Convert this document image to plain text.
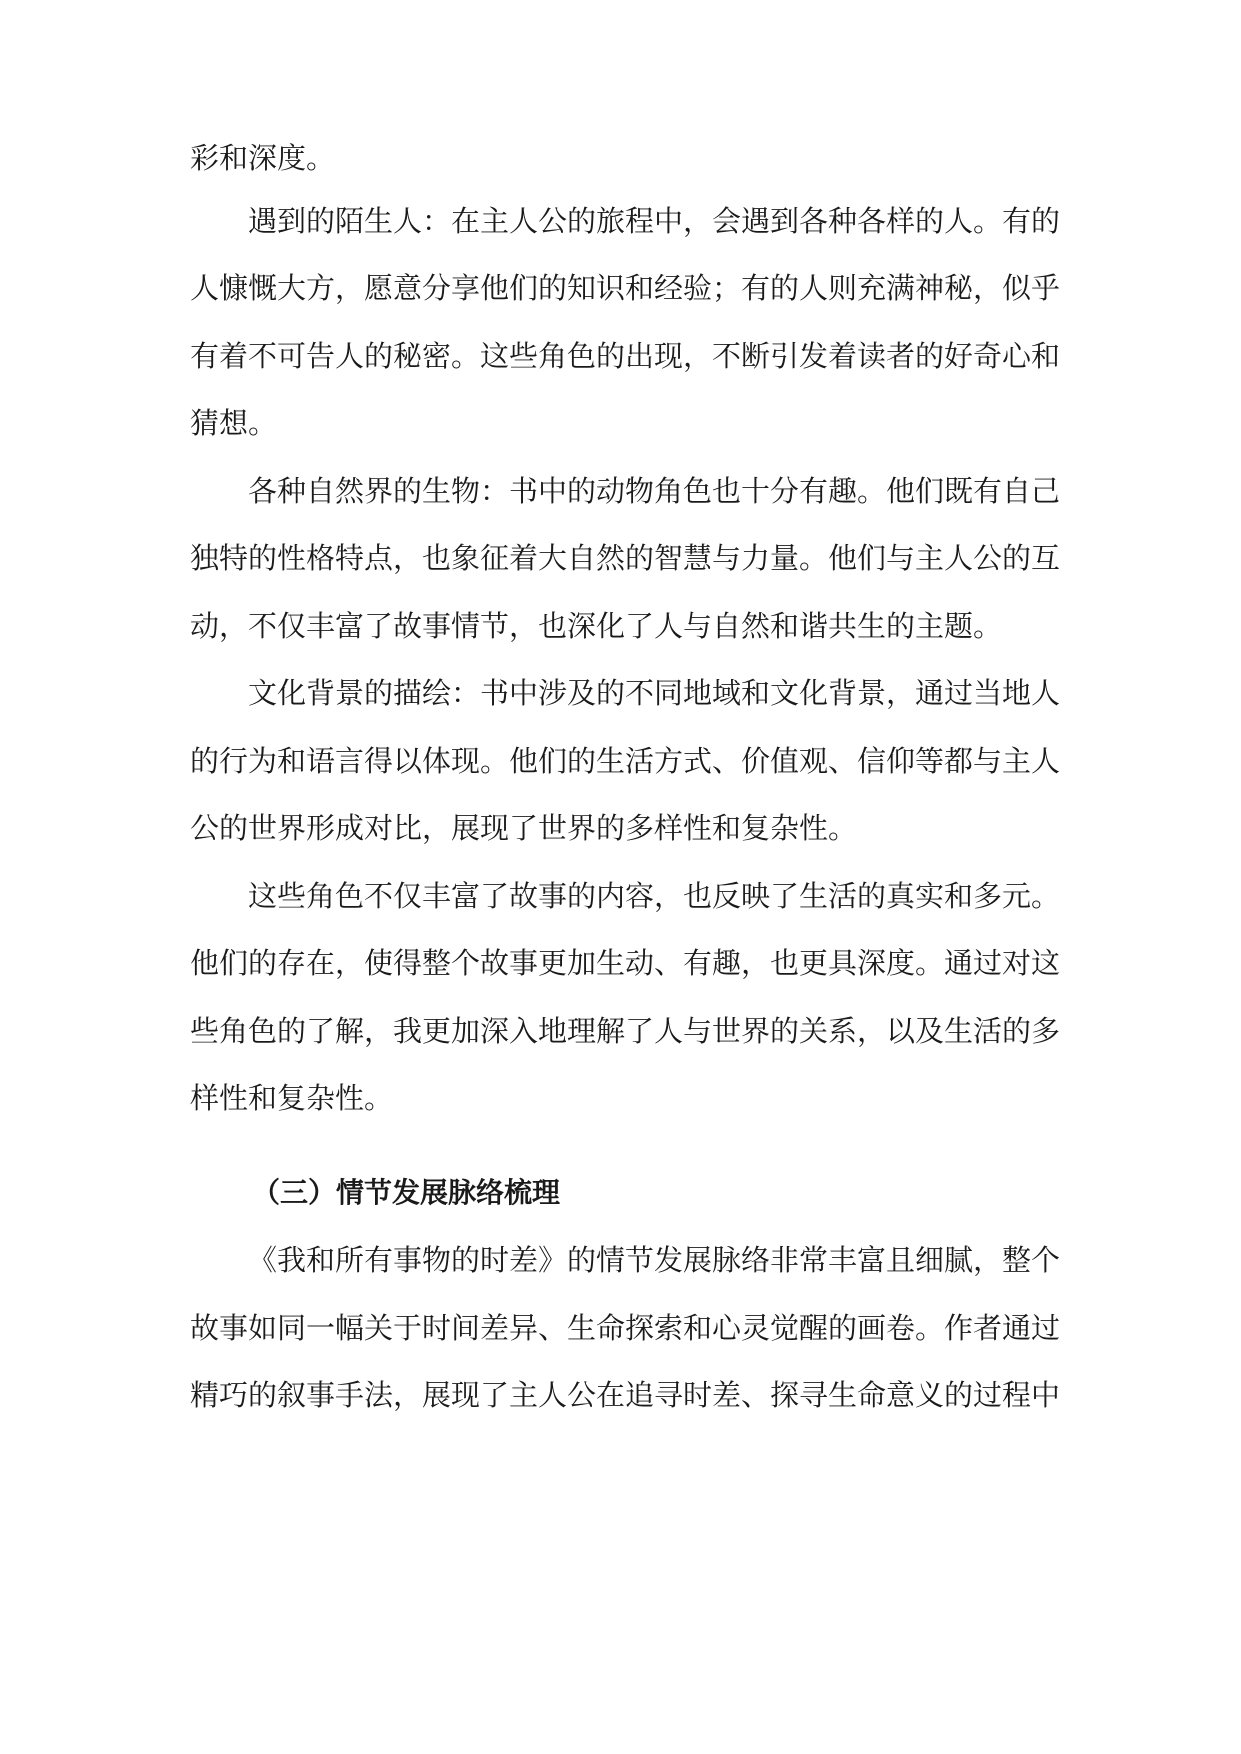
彩和深度。
遇到的陌生人：在主人公的旅程中，会遇到各种各样的人。有的
人慷慨大方，愿意分享他们的知识和经验；有的人则充满神秘，似乎
有着不可告人的秘密。这些角色的出现，不断引发着读者的好奇心和
猜想。
各种自然界的生物：书中的动物角色也十分有趣。他们既有自己
独特的性格特点，也象征着大自然的智慧与力量。他们与主人公的互
动，不仅丰富了故事情节，也深化了人与自然和谐共生的主题。
文化背景的描绘：书中涉及的不同地域和文化背景，通过当地人
的行为和语言得以体现。他们的生活方式、价值观、信仰等都与主人
公的世界形成对比，展现了世界的多样性和复杂性。
这些角色不仅丰富了故事的内容，也反映了生活的真实和多元。
他们的存在，使得整个故事更加生动、有趣，也更具深度。通过对这
些角色的了解，我更加深入地理解了人与世界的关系，以及生活的多
样性和复杂性。
（三）情节发展脉络梳理
《我和所有事物的时差》的情节发展脉络非常丰富且细腻，整个
故事如同一幅关于时间差异、生命探索和心灵觉醒的画卷。作者通过
精巧的叙事手法，展现了主人公在追寻时差、探寻生命意义的过程中
